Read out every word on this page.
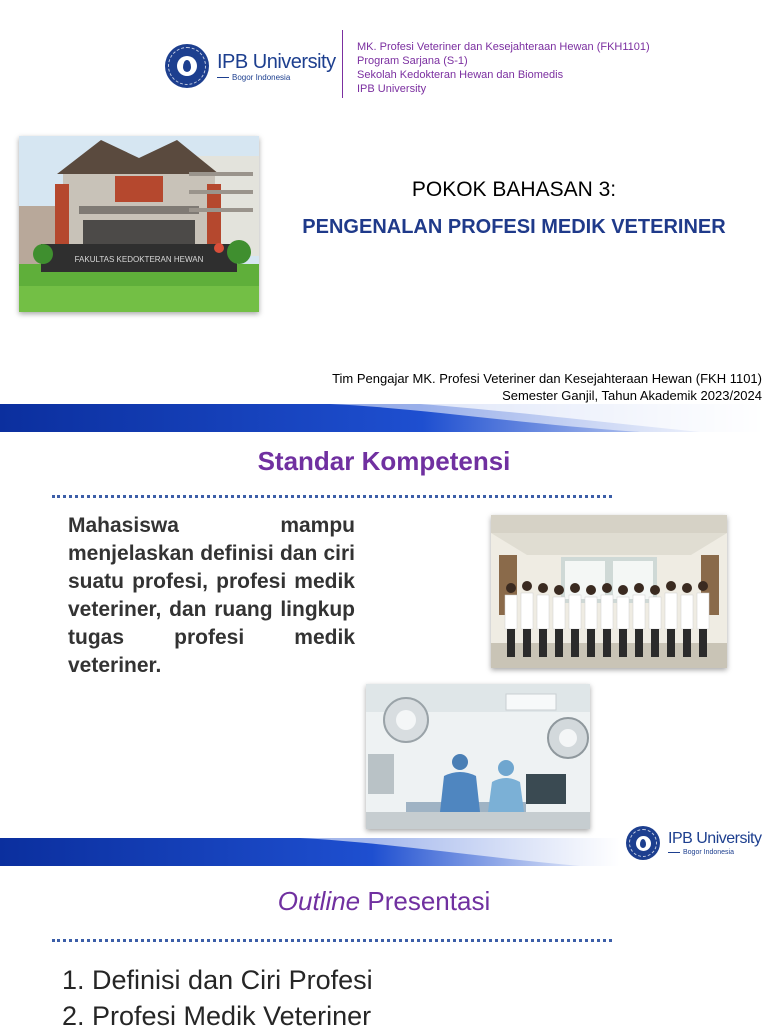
IPB University
Bogor Indonesia
MK. Profesi Veteriner dan Kesejahteraan Hewan (FKH1101)
Program Sarjana (S-1)
Sekolah Kedokteran Hewan dan Biomedis
IPB University
FAKULTAS KEDOKTERAN HEWAN
POKOK BAHASAN 3:
PENGENALAN PROFESI MEDIK VETERINER
Tim Pengajar MK. Profesi Veteriner dan Kesejahteraan Hewan (FKH 1101)
Semester Ganjil, Tahun Akademik 2023/2024
Standar Kompetensi
Mahasiswa mampu menjelaskan definisi dan ciri suatu profesi, profesi medik veteriner, dan ruang lingkup tugas profesi medik veteriner.
IPB University
Bogor Indonesia
Outline Presentasi
1. Definisi dan Ciri Profesi
2. Profesi Medik Veteriner
